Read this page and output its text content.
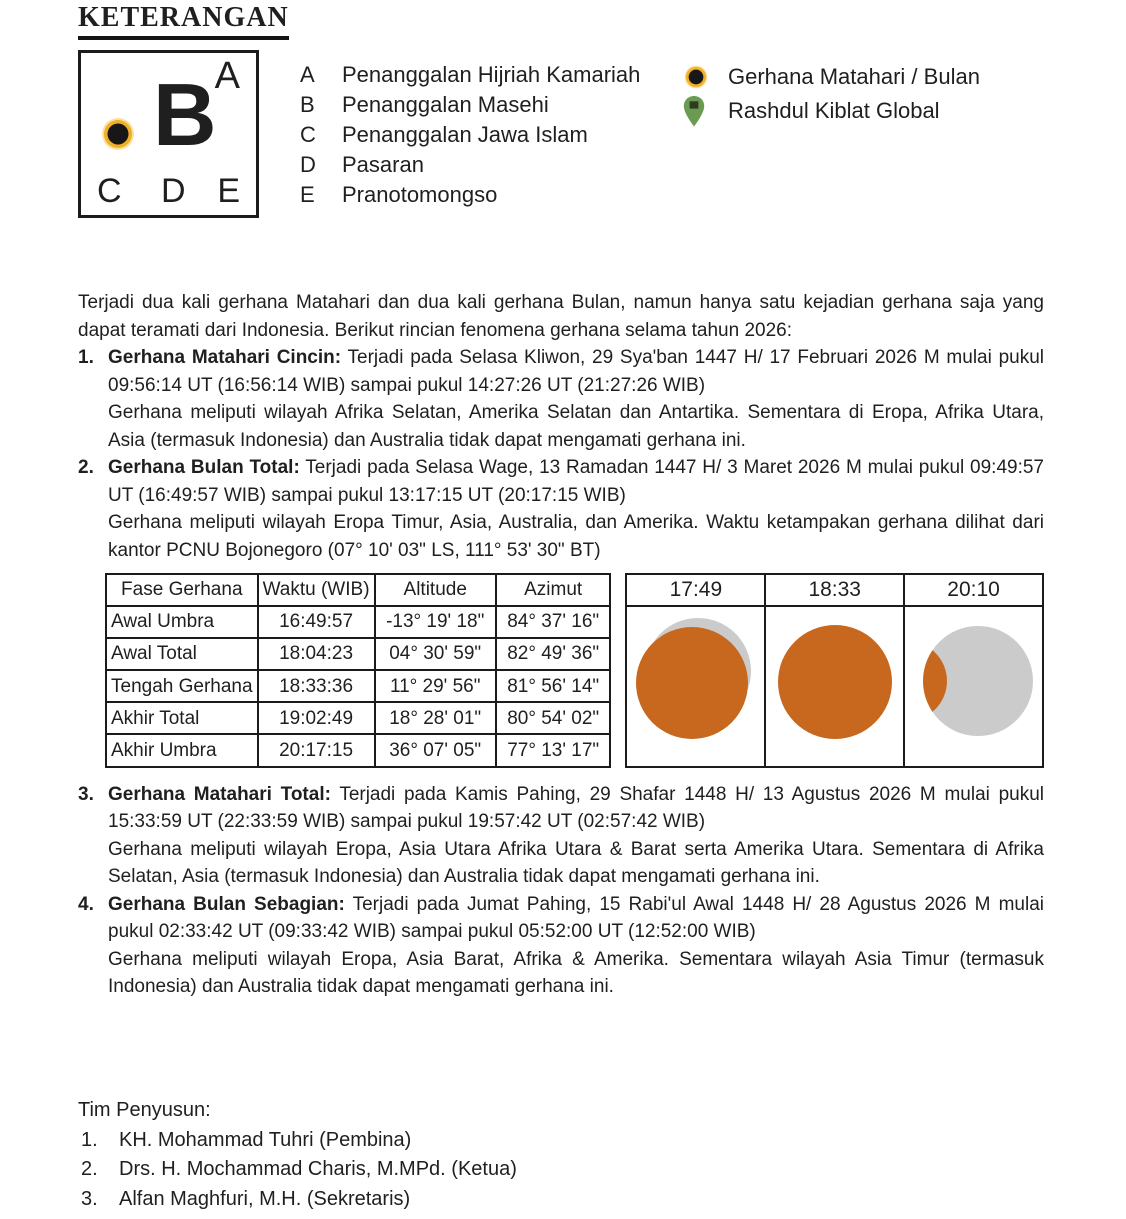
KETERANGAN
A
B
C D E
A	Penanggalan Hijriah Kamariah
B	Penanggalan Masehi
C	Penanggalan Jawa Islam
D	Pasaran
E	Pranotomongso
Gerhana Matahari / Bulan
Rashdul Kiblat Global

Terjadi dua kali gerhana Matahari dan dua kali gerhana Bulan, namun hanya satu kejadian gerhana saja yang dapat teramati dari Indonesia. Berikut rincian fenomena gerhana selama tahun 2026:

1. Gerhana Matahari Cincin: Terjadi pada Selasa Kliwon, 29 Sya'ban 1447 H/ 17 Februari 2026 M mulai pukul 09:56:14 UT (16:56:14 WIB) sampai pukul 14:27:26 UT (21:27:26 WIB)

Gerhana meliputi wilayah Afrika Selatan, Amerika Selatan dan Antartika. Sementara di Eropa, Afrika Utara, Asia (termasuk Indonesia) dan Australia tidak dapat mengamati gerhana ini.

2. Gerhana Bulan Total: Terjadi pada Selasa Wage, 13 Ramadan 1447 H/ 3 Maret 2026 M mulai pukul 09:49:57 UT (16:49:57 WIB) sampai pukul 13:17:15 UT (20:17:15 WIB)

Gerhana meliputi wilayah Eropa Timur, Asia, Australia, dan Amerika. Waktu ketampakan gerhana dilihat dari kantor PCNU Bojonegoro (07° 10' 03" LS, 111° 53' 30" BT)

Fase Gerhana	Waktu (WIB)	Altitude	Azimut
Awal Umbra	16:49:57	-13° 19' 18"	84° 37' 16"
Awal Total	18:04:23	04° 30' 59"	82° 49' 36"
Tengah Gerhana	18:33:36	11° 29' 56"	81° 56' 14"
Akhir Total	19:02:49	18° 28' 01"	80° 54' 02"
Akhir Umbra	20:17:15	36° 07' 05"	77° 13' 17"
17:49	18:33	20:10

3. Gerhana Matahari Total: Terjadi pada Kamis Pahing, 29 Shafar 1448 H/ 13 Agustus 2026 M mulai pukul 15:33:59 UT (22:33:59 WIB) sampai pukul 19:57:42 UT (02:57:42 WIB)

Gerhana meliputi wilayah Eropa, Asia Utara Afrika Utara & Barat serta Amerika Utara. Sementara di Afrika Selatan, Asia (termasuk Indonesia) dan Australia tidak dapat mengamati gerhana ini.

4. Gerhana Bulan Sebagian: Terjadi pada Jumat Pahing, 15 Rabi'ul Awal 1448 H/ 28 Agustus 2026 M mulai pukul 02:33:42 UT (09:33:42 WIB) sampai pukul 05:52:00 UT (12:52:00 WIB)

Gerhana meliputi wilayah Eropa, Asia Barat, Afrika & Amerika. Sementara wilayah Asia Timur (termasuk Indonesia) dan Australia tidak dapat mengamati gerhana ini.

Tim Penyusun:
1.	KH. Mohammad Tuhri (Pembina)
2.	Drs. H. Mochammad Charis, M.MPd. (Ketua)
3.	Alfan Maghfuri, M.H. (Sekretaris)
